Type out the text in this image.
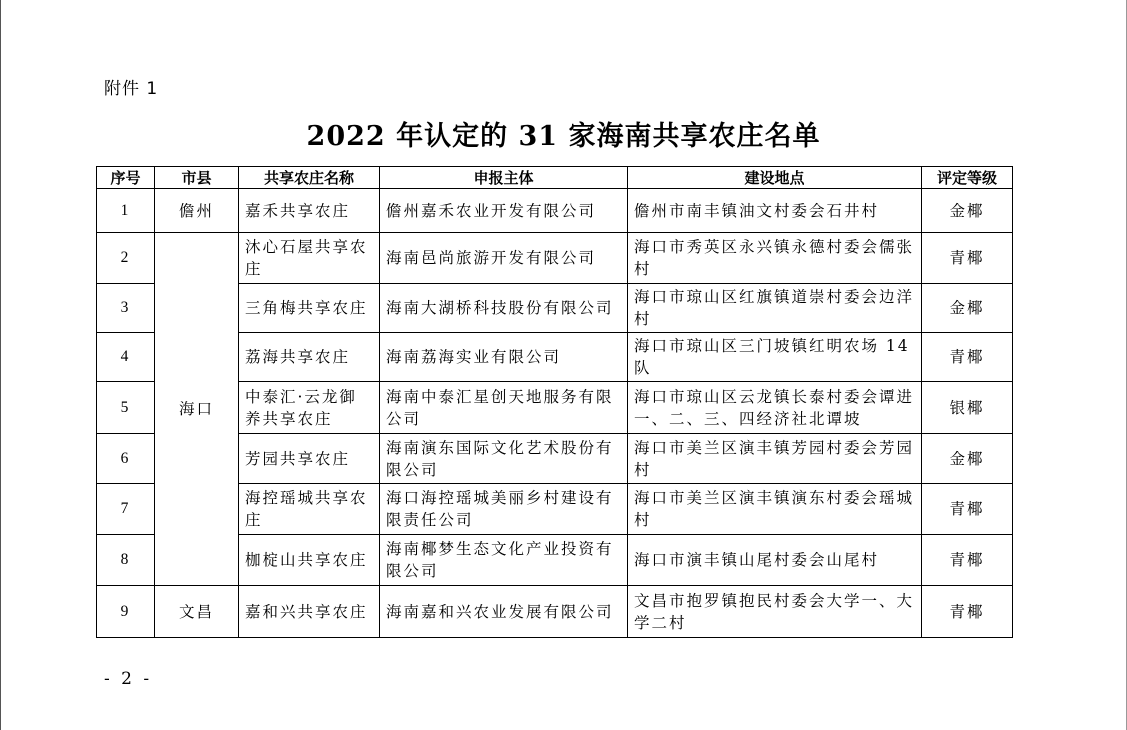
附件 1
2022 年认定的 31 家海南共享农庄名单
序号	市县	共享农庄名称	申报主体	建设地点	评定等级
1	儋州	嘉禾共享农庄	儋州嘉禾农业开发有限公司	儋州市南丰镇油文村委会石井村	金椰
2	海口	沐心石屋共享农庄	海南邑尚旅游开发有限公司	海口市秀英区永兴镇永德村委会儒张村	青椰
3		三角梅共享农庄	海南大湖桥科技股份有限公司	海口市琼山区红旗镇道崇村委会边洋村	金椰
4		荔海共享农庄	海南荔海实业有限公司	海口市琼山区三门坡镇红明农场 14 队	青椰
5		中泰汇·云龙御养共享农庄	海南中泰汇星创天地服务有限公司	海口市琼山区云龙镇长泰村委会谭进一、二、三、四经济社北谭坡	银椰
6		芳园共享农庄	海南演东国际文化艺术股份有限公司	海口市美兰区演丰镇芳园村委会芳园村	金椰
7		海控瑶城共享农庄	海口海控瑶城美丽乡村建设有限责任公司	海口市美兰区演丰镇演东村委会瑶城村	青椰
8		枷椗山共享农庄	海南椰梦生态文化产业投资有限公司	海口市演丰镇山尾村委会山尾村	青椰
9	文昌	嘉和兴共享农庄	海南嘉和兴农业发展有限公司	文昌市抱罗镇抱民村委会大学一、大学二村	青椰
- 2 -
